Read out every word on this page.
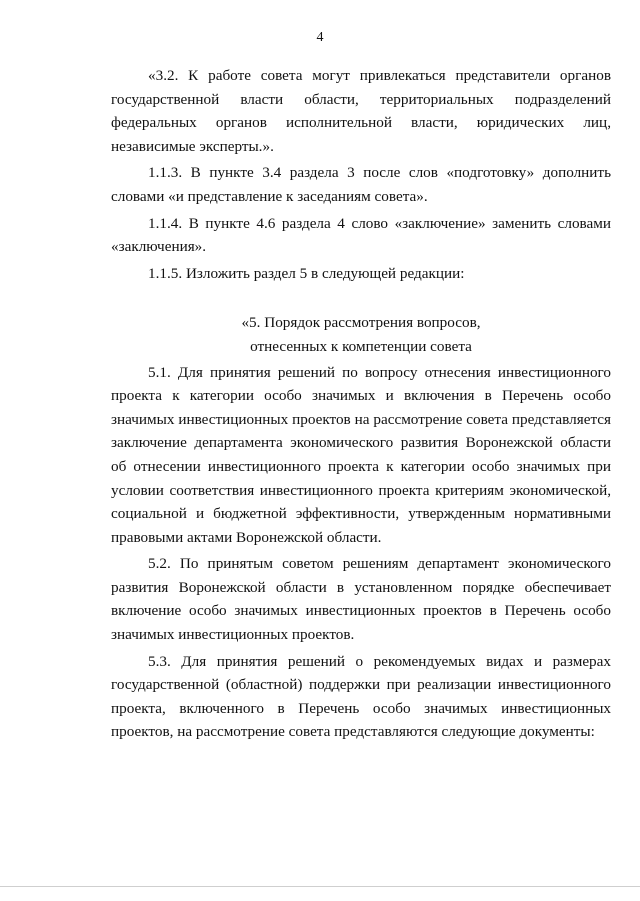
4

«3.2. К работе совета могут привлекаться представители органов государственной власти области, территориальных подразделений федеральных органов исполнительной власти, юридических лиц, независимые эксперты.».

1.1.3. В пункте 3.4 раздела 3 после слов «подготовку» дополнить словами «и представление к заседаниям совета».

1.1.4. В пункте 4.6 раздела 4 слово «заключение» заменить словами «заключения».

1.1.5. Изложить раздел 5 в следующей редакции:

«5. Порядок рассмотрения вопросов,
отнесенных к компетенции совета

5.1. Для принятия решений по вопросу отнесения инвестиционного проекта к категории особо значимых и включения в Перечень особо значимых инвестиционных проектов на рассмотрение совета представляется заключение департамента экономического развития Воронежской области об отнесении инвестиционного проекта к категории особо значимых при условии соответствия инвестиционного проекта критериям экономической, социальной и бюджетной эффективности, утвержденным нормативными правовыми актами Воронежской области.

5.2. По принятым советом решениям департамент экономического развития Воронежской области в установленном порядке обеспечивает включение особо значимых инвестиционных проектов в Перечень особо значимых инвестиционных проектов.

5.3. Для принятия решений о рекомендуемых видах и размерах государственной (областной) поддержки при реализации инвестиционного проекта, включенного в Перечень особо значимых инвестиционных проектов, на рассмотрение совета представляются следующие документы:
